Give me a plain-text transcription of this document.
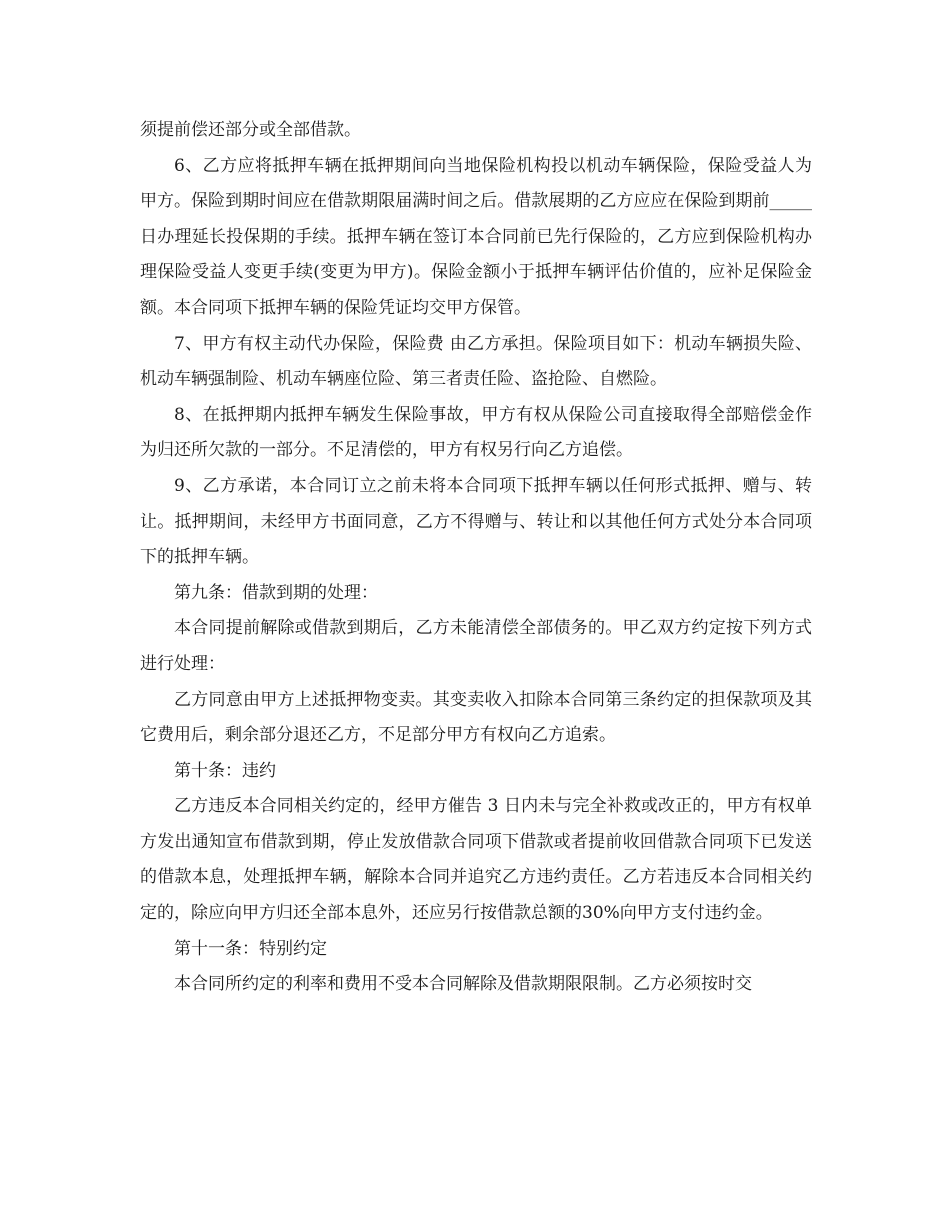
须提前偿还部分或全部借款。

6、乙方应将抵押车辆在抵押期间向当地保险机构投以机动车辆保险，保险受益人为甲方。保险到期时间应在借款期限届满时间之后。借款展期的乙方应应在保险到期前_____日办理延长投保期的手续。抵押车辆在签订本合同前已先行保险的，乙方应到保险机构办理保险受益人变更手续(变更为甲方)。保险金额小于抵押车辆评估价值的，应补足保险金额。本合同项下抵押车辆的保险凭证均交甲方保管。

7、甲方有权主动代办保险，保险费 由乙方承担。保险项目如下：机动车辆损失险、机动车辆强制险、机动车辆座位险、第三者责任险、盗抢险、自燃险。

8、在抵押期内抵押车辆发生保险事故，甲方有权从保险公司直接取得全部赔偿金作为归还所欠款的一部分。不足清偿的，甲方有权另行向乙方追偿。

9、乙方承诺，本合同订立之前未将本合同项下抵押车辆以任何形式抵押、赠与、转让。抵押期间，未经甲方书面同意，乙方不得赠与、转让和以其他任何方式处分本合同项下的抵押车辆。

第九条：借款到期的处理：

本合同提前解除或借款到期后，乙方未能清偿全部债务的。甲乙双方约定按下列方式进行处理：

乙方同意由甲方上述抵押物变卖。其变卖收入扣除本合同第三条约定的担保款项及其它费用后，剩余部分退还乙方，不足部分甲方有权向乙方追索。

第十条：违约

乙方违反本合同相关约定的，经甲方催告 3 日内未与完全补救或改正的，甲方有权单方发出通知宣布借款到期，停止发放借款合同项下借款或者提前收回借款合同项下已发送的借款本息，处理抵押车辆，解除本合同并追究乙方违约责任。乙方若违反本合同相关约定的，除应向甲方归还全部本息外，还应另行按借款总额的30%向甲方支付违约金。

第十一条：特别约定

本合同所约定的利率和费用不受本合同解除及借款期限限制。乙方必须按时交
